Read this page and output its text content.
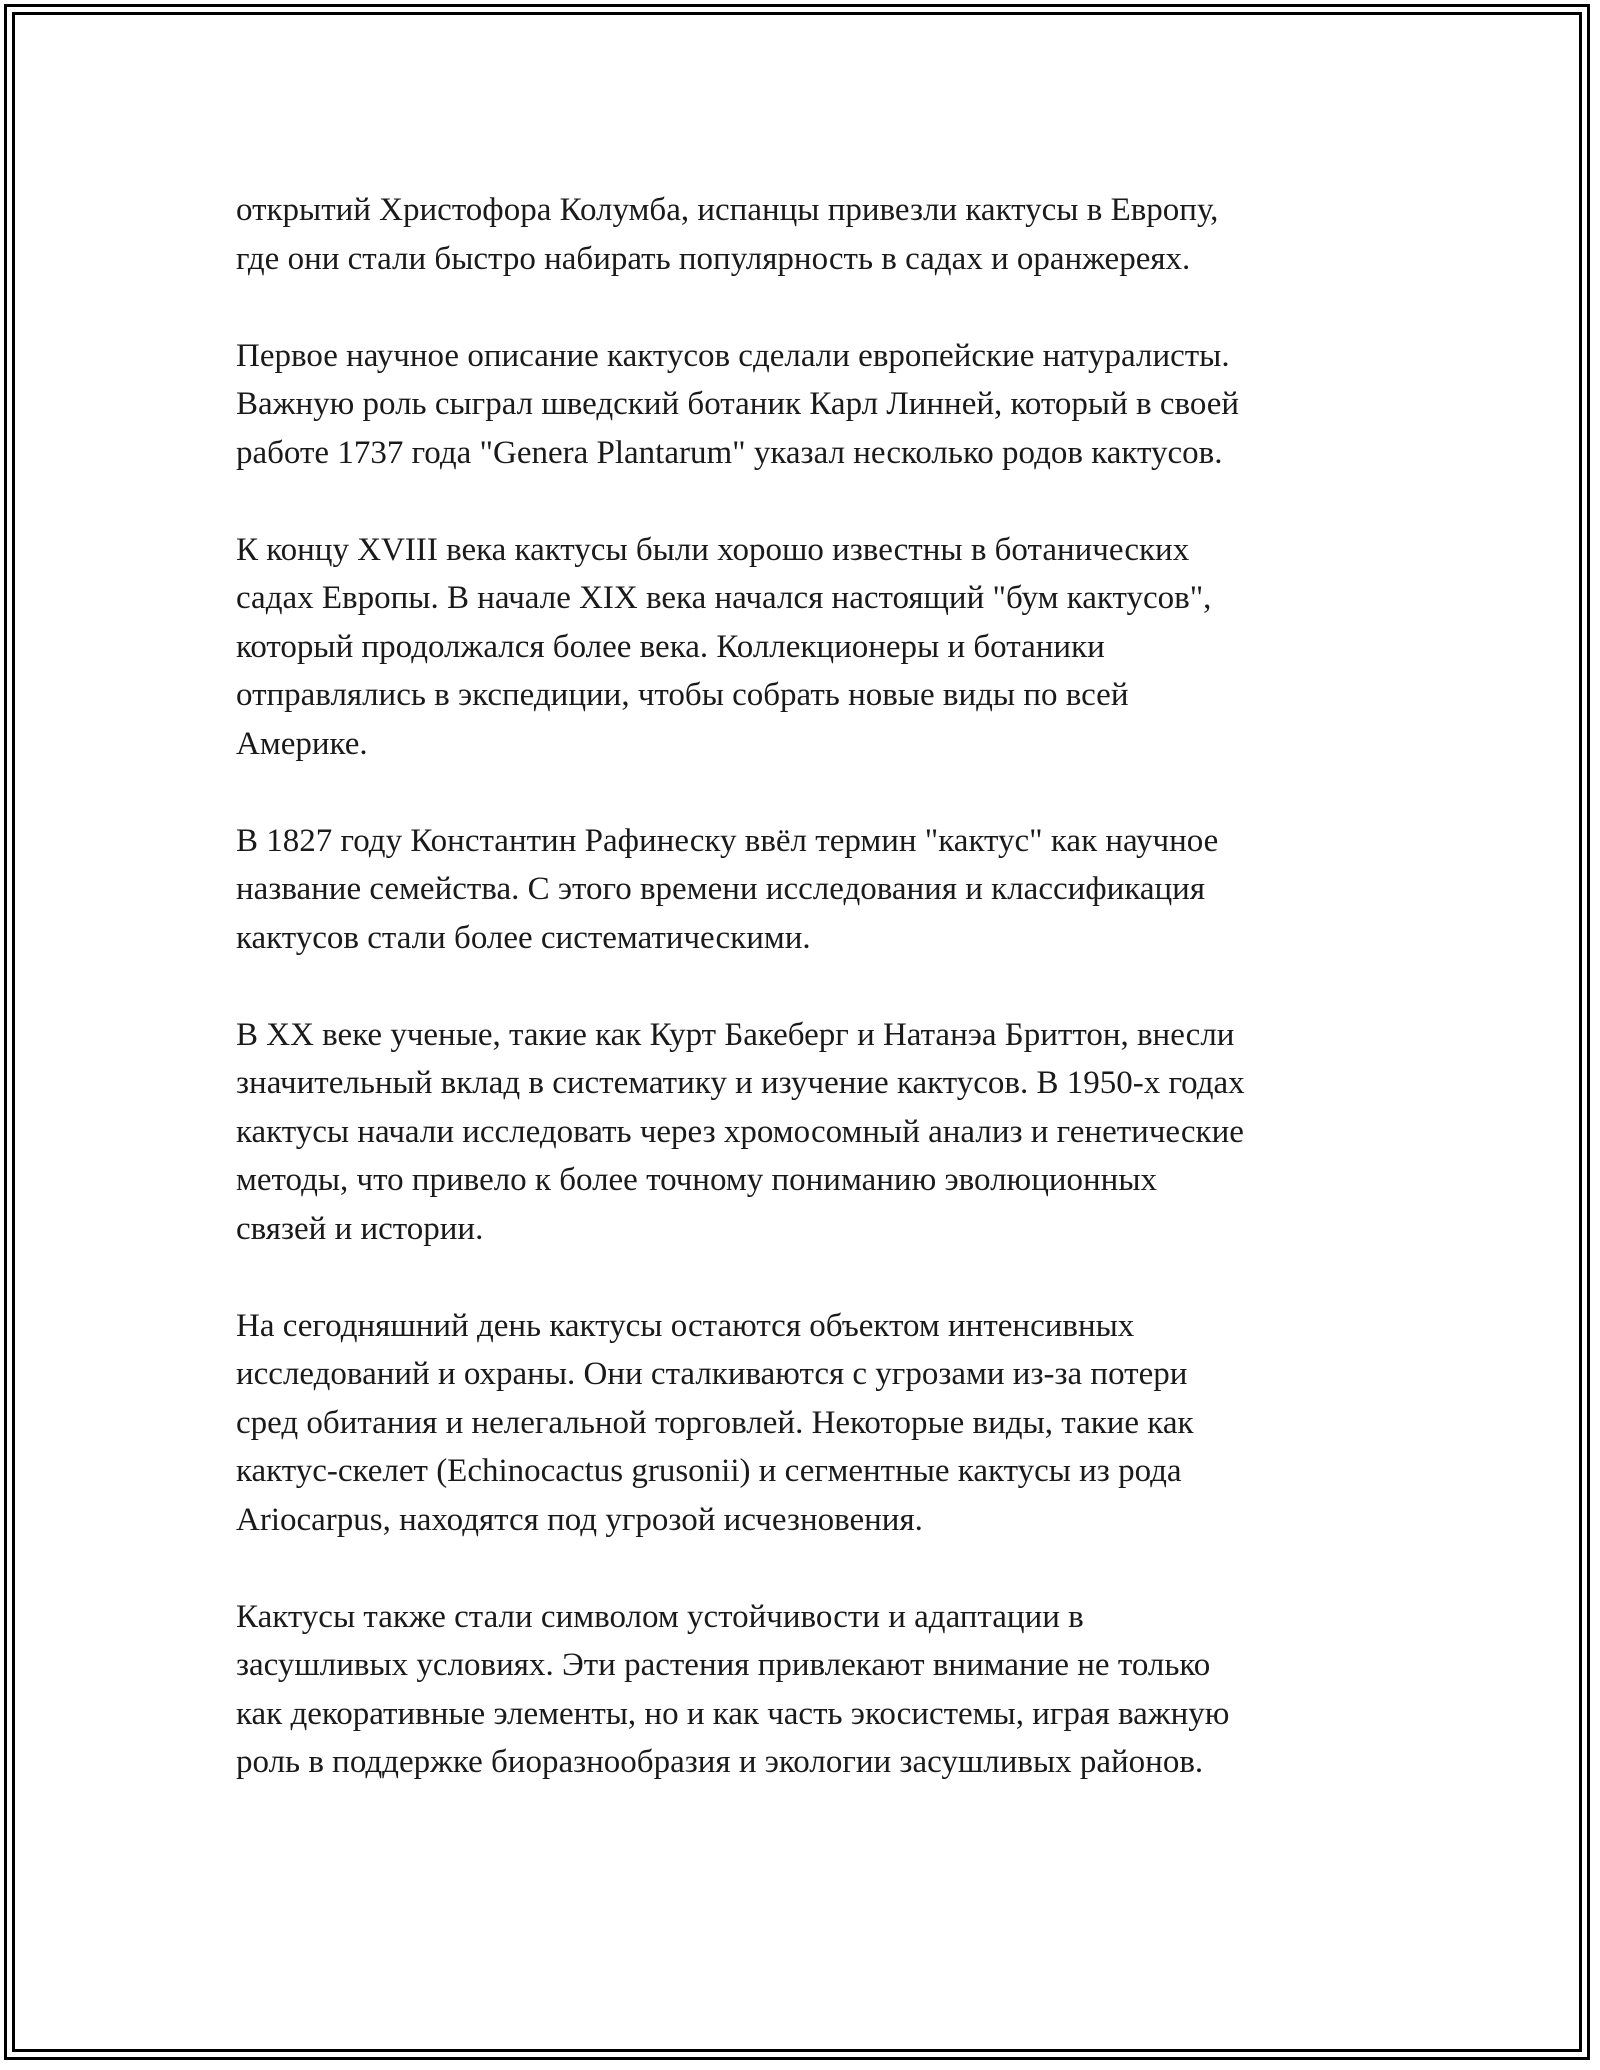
открытий Христофора Колумба, испанцы привезли кактусы в Европу,
где они стали быстро набирать популярность в садах и оранжереях.

Первое научное описание кактусов сделали европейские натуралисты.
Важную роль сыграл шведский ботаник Карл Линней, который в своей
работе 1737 года "Genera Plantarum" указал несколько родов кактусов.

К концу XVIII века кактусы были хорошо известны в ботанических
садах Европы. В начале XIX века начался настоящий "бум кактусов",
который продолжался более века. Коллекционеры и ботаники
отправлялись в экспедиции, чтобы собрать новые виды по всей
Америке.

В 1827 году Константин Рафинеску ввёл термин "кактус" как научное
название семейства. С этого времени исследования и классификация
кактусов стали более систематическими.

В XX веке ученые, такие как Курт Бакеберг и Натанэа Бриттон, внесли
значительный вклад в систематику и изучение кактусов. В 1950-х годах
кактусы начали исследовать через хромосомный анализ и генетические
методы, что привело к более точному пониманию эволюционных
связей и истории.

На сегодняшний день кактусы остаются объектом интенсивных
исследований и охраны. Они сталкиваются с угрозами из-за потери
сред обитания и нелегальной торговлей. Некоторые виды, такие как
кактус-скелет (Echinocactus grusonii) и сегментные кактусы из рода
Ariocarpus, находятся под угрозой исчезновения.

Кактусы также стали символом устойчивости и адаптации в
засушливых условиях. Эти растения привлекают внимание не только
как декоративные элементы, но и как часть экосистемы, играя важную
роль в поддержке биоразнообразия и экологии засушливых районов.
